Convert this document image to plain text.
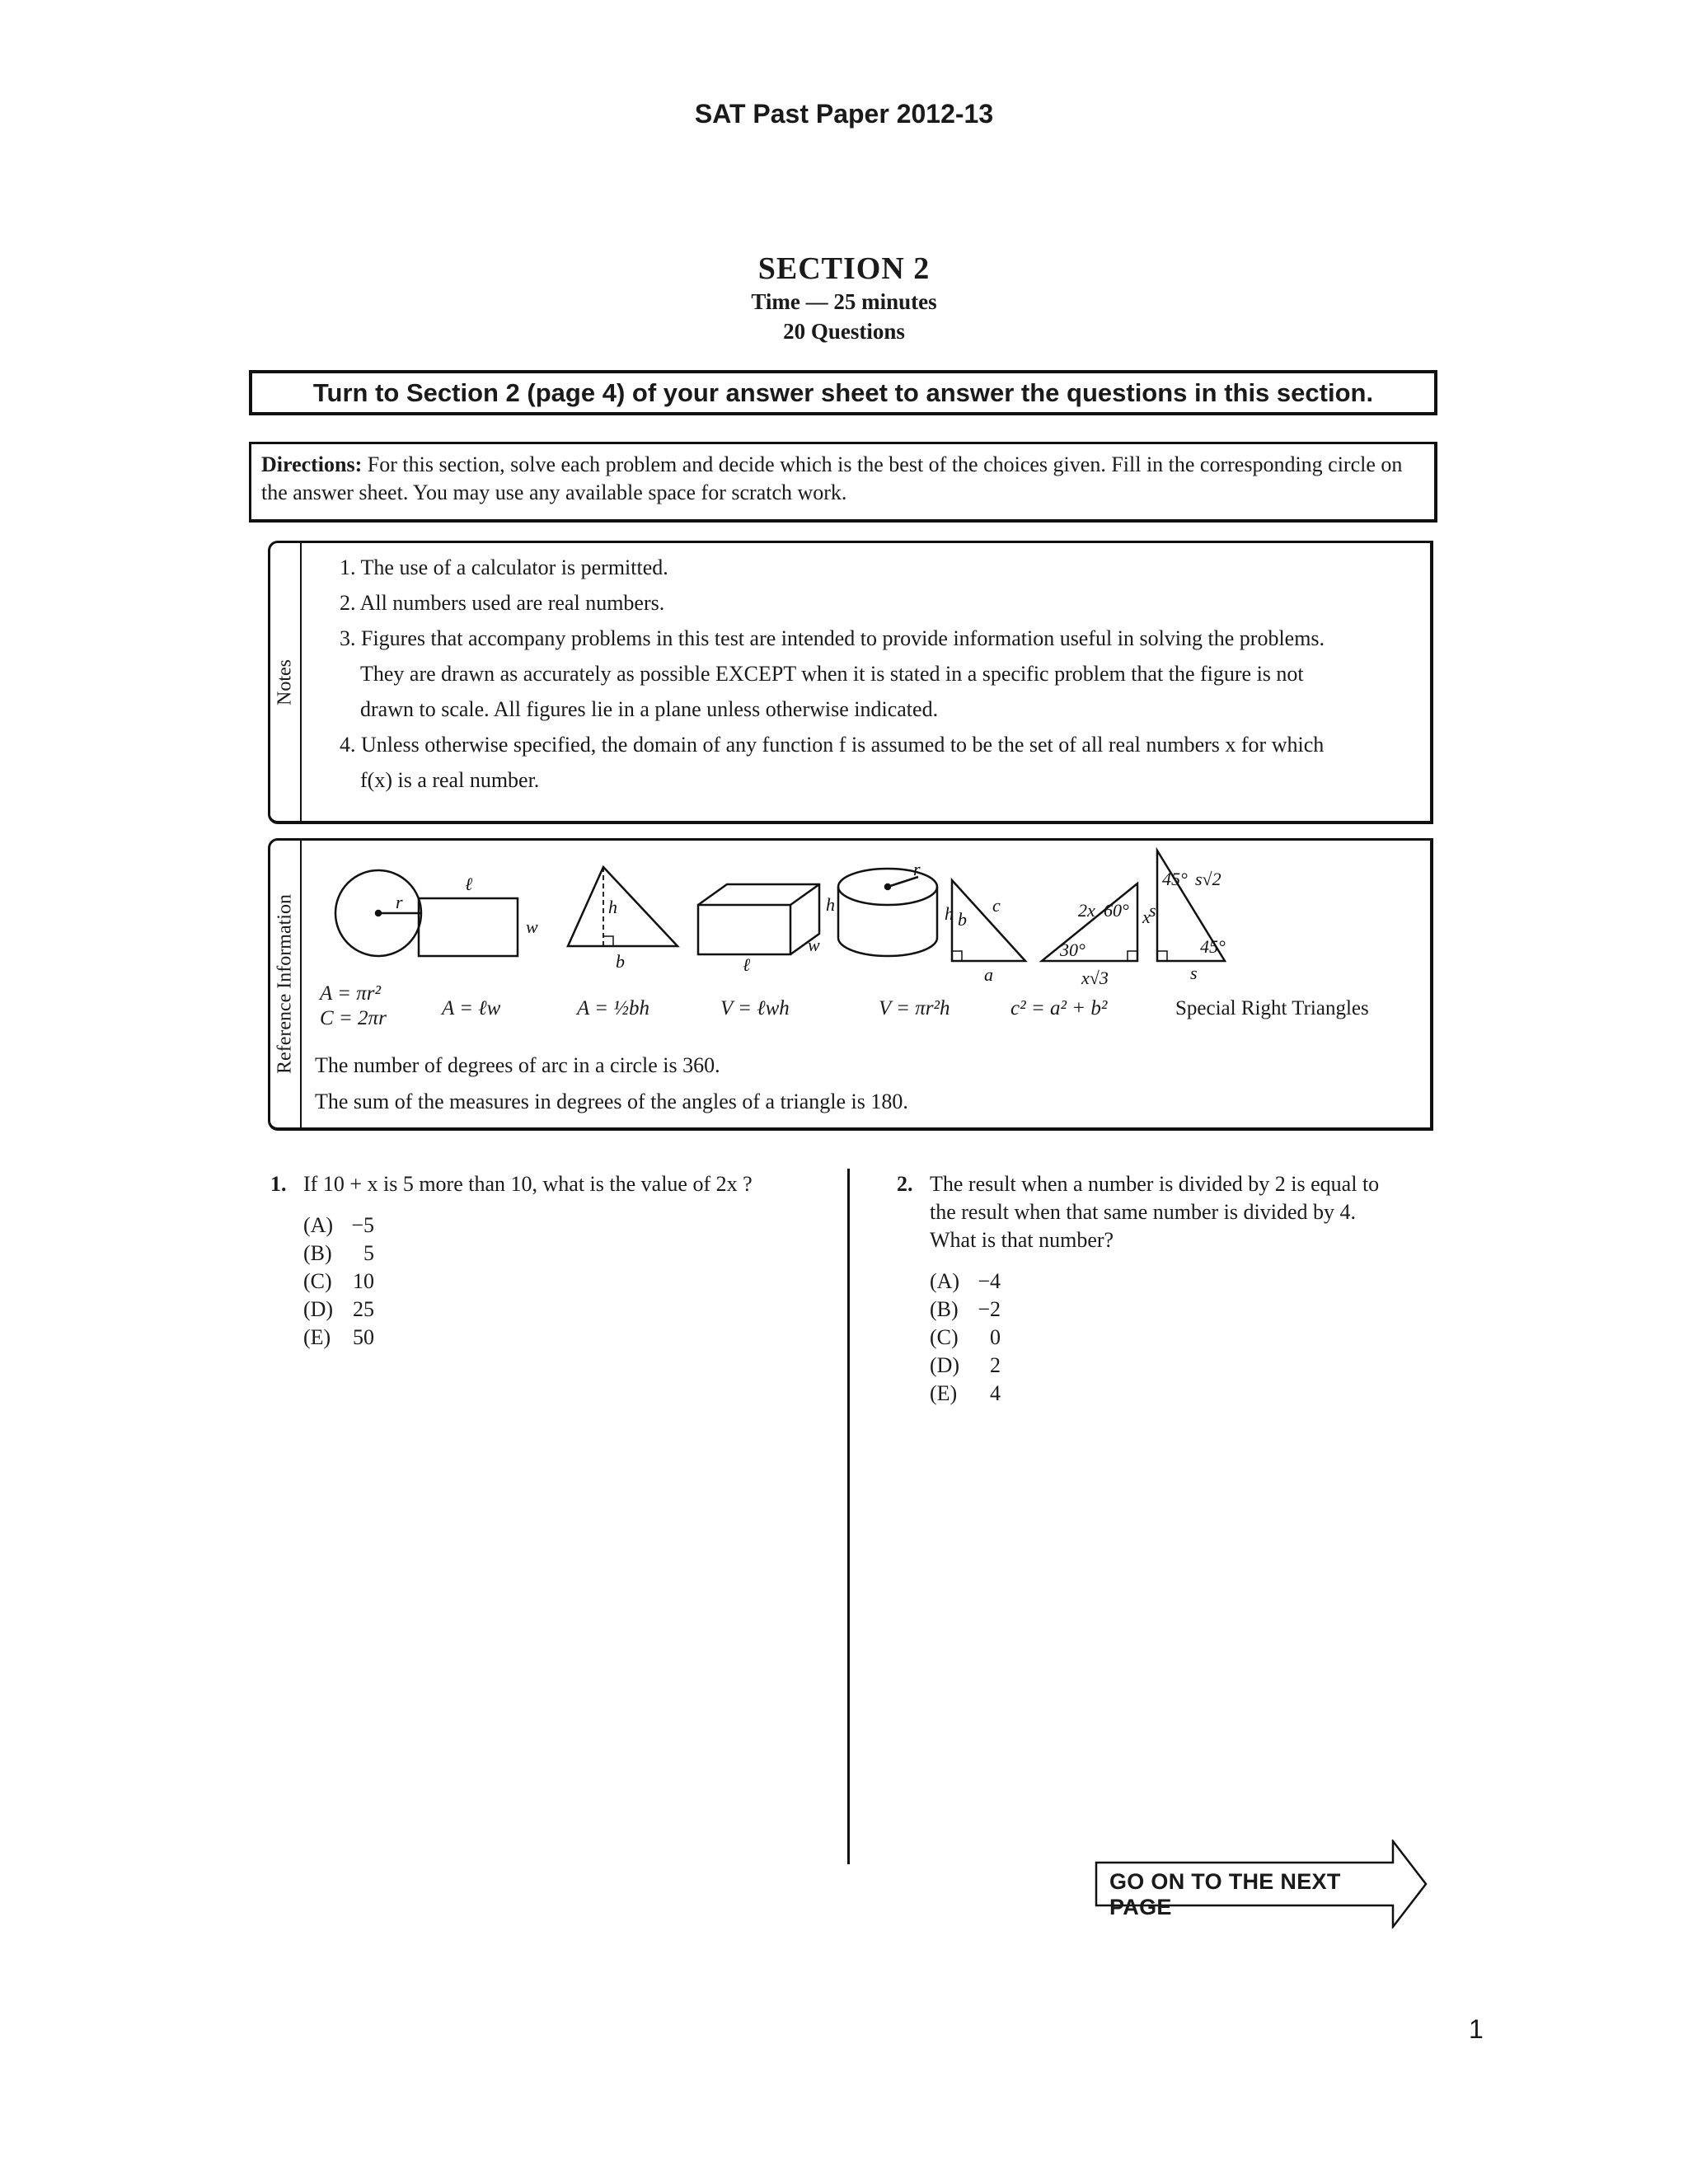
SAT Past Paper 2012-13
SECTION 2
Time — 25 minutes
20 Questions
Turn to Section 2 (page 4) of your answer sheet to answer the questions in this section.
Directions: For this section, solve each problem and decide which is the best of the choices given. Fill in the corresponding circle on the answer sheet. You may use any available space for scratch work.
Notes
1. The use of a calculator is permitted.
2. All numbers used are real numbers.
3. Figures that accompany problems in this test are intended to provide information useful in solving the problems.
They are drawn as accurately as possible EXCEPT when it is stated in a specific problem that the figure is not
drawn to scale. All figures lie in a plane unless otherwise indicated.
4. Unless otherwise specified, the domain of any function f is assumed to be the set of all real numbers x for which
f(x) is a real number.
Reference Information	r
ℓ
w
h
b	ℓ
h
w
r
h b
c
a
2x 60°
30°
x
x√3
s
45° s√2
45°
s
A = πr²
C = 2πr	A = ℓw	A = ½bh	V = ℓwh	V = πr²h	c² = a² + b²	Special Right Triangles
The number of degrees of arc in a circle is 360.
The sum of the measures in degrees of the angles of a triangle is 180.
1. If 10 + x is 5 more than 10, what is the value of 2x ?
(A) −5
(B)	5
(C) 10
(D) 25
(E) 50
2. The result when a number is divided by 2 is equal to
the result when that same number is divided by 4.
What is that number?
(A) −4
(B) −2
(C)	0
(D)	2
(E)	4
GO ON TO THE NEXT PAGE
1
